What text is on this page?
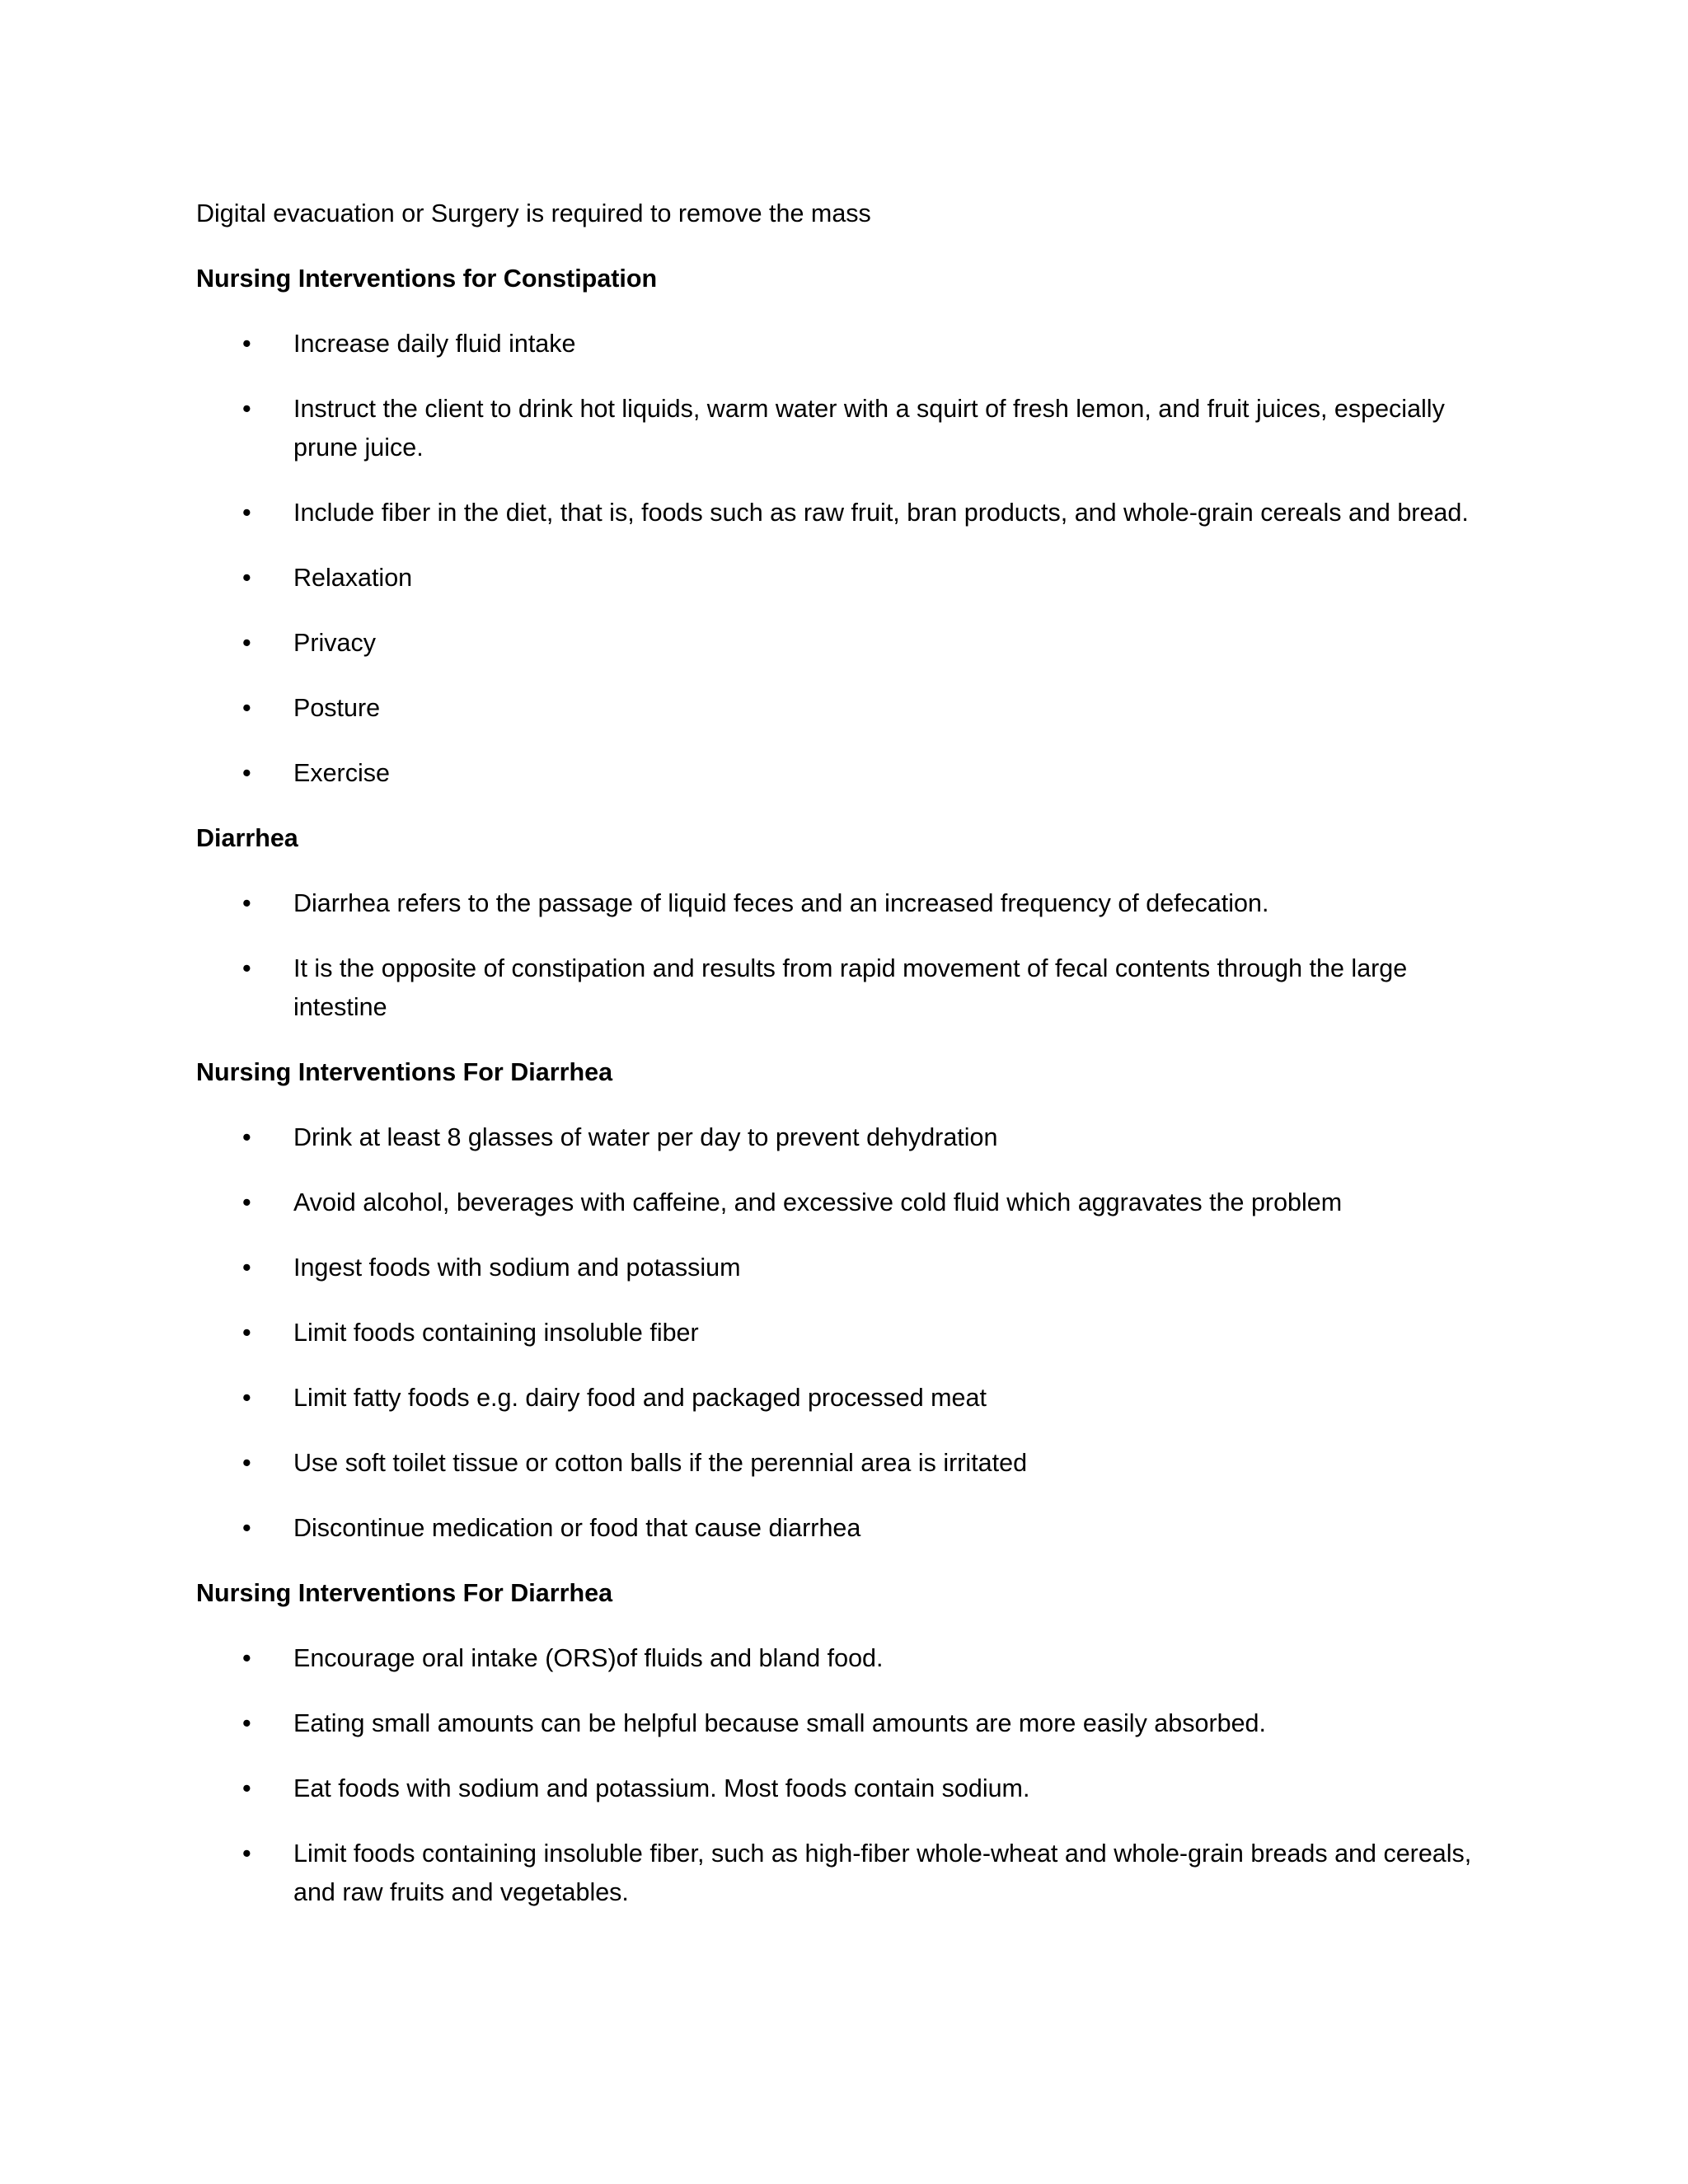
Digital evacuation or Surgery is required to remove the mass

Nursing Interventions for Constipation

•	Increase daily fluid intake
•	Instruct the client to drink hot liquids, warm water with a squirt of fresh lemon, and fruit juices, especially prune juice.
•	Include fiber in the diet, that is, foods such as raw fruit, bran products, and whole-grain cereals and bread.
•	Relaxation
•	Privacy
•	Posture
•	Exercise

Diarrhea

•	Diarrhea refers to the passage of liquid feces and an increased frequency of defecation.
•	It is the opposite of constipation and results from rapid movement of fecal contents through the large intestine

Nursing Interventions For Diarrhea

•	Drink at least 8 glasses of water per day to prevent dehydration
•	Avoid alcohol, beverages with caffeine, and excessive cold fluid which aggravates the problem
•	Ingest foods with sodium and potassium
•	Limit foods containing insoluble fiber
•	Limit fatty foods e.g. dairy food and packaged processed meat
•	Use soft toilet tissue or cotton balls if the perennial area is irritated
•	Discontinue medication or food that cause diarrhea

Nursing Interventions For Diarrhea

•	Encourage oral intake (ORS)of fluids and bland food.
•	Eating small amounts can be helpful because small amounts are more easily absorbed.
•	Eat foods with sodium and potassium. Most foods contain sodium.
•	Limit foods containing insoluble fiber, such as high-fiber whole-wheat and whole-grain breads and cereals, and raw fruits and vegetables.
